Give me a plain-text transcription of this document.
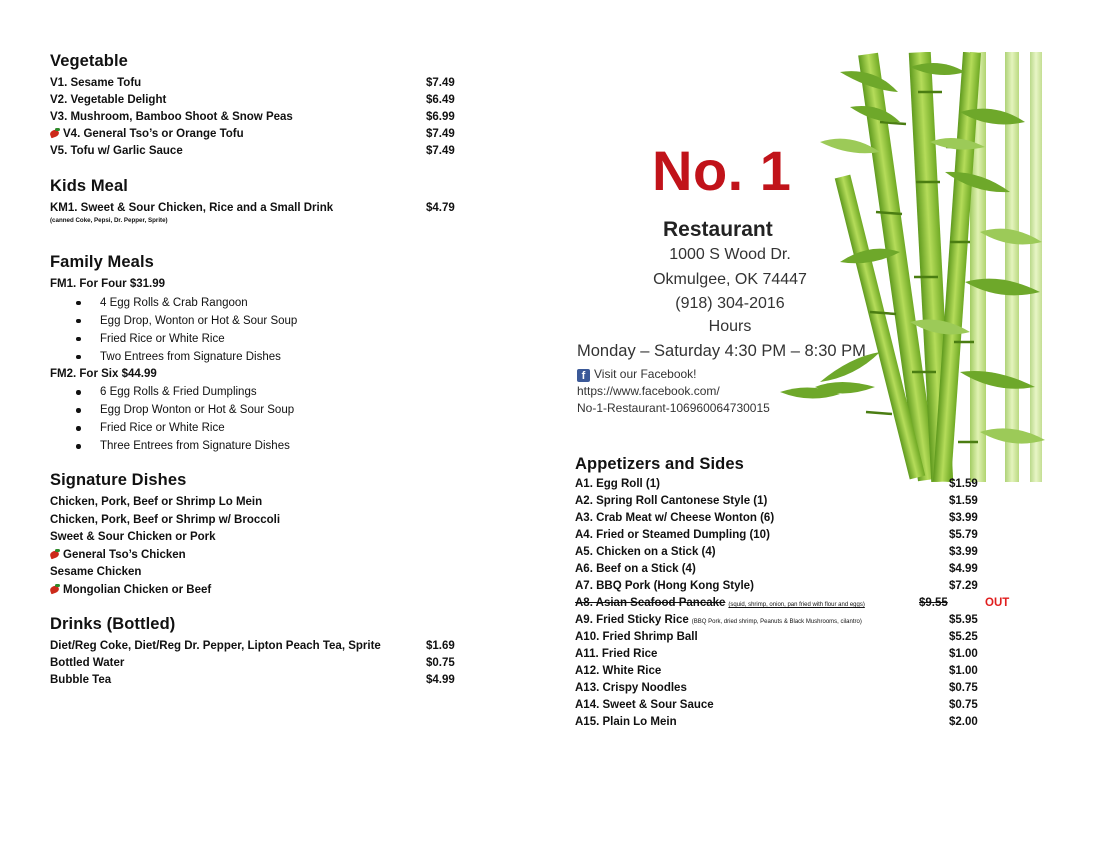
Vegetable
V1. Sesame Tofu	$7.49
V2. Vegetable Delight	$6.49
V3. Mushroom, Bamboo Shoot & Snow Peas	$6.99
V4. General Tso’s or Orange Tofu	$7.49
V5. Tofu w/ Garlic Sauce	$7.49
Kids Meal
KM1. Sweet & Sour Chicken, Rice and a Small Drink	$4.79
(canned Coke, Pepsi, Dr. Pepper, Sprite)
Family Meals
FM1. For Four $31.99
4 Egg Rolls & Crab Rangoon
Egg Drop, Wonton or Hot & Sour Soup
Fried Rice or White Rice
Two Entrees from Signature Dishes
FM2. For Six $44.99
6 Egg Rolls & Fried Dumplings
Egg Drop Wonton or Hot & Sour Soup
Fried Rice or White Rice
Three Entrees from Signature Dishes
Signature Dishes
Chicken, Pork, Beef or Shrimp Lo Mein
Chicken, Pork, Beef or Shrimp w/ Broccoli
Sweet & Sour Chicken or Pork
General Tso’s Chicken
Sesame Chicken
Mongolian Chicken or Beef
Drinks (Bottled)
Diet/Reg Coke, Diet/Reg Dr. Pepper, Lipton Peach Tea, Sprite	$1.69
Bottled Water	$0.75
Bubble Tea	$4.99
No. 1
Restaurant
1000 S Wood Dr.
Okmulgee, OK 74447
(918) 304-2016
Hours
Monday – Saturday 4:30 PM – 8:30 PM
f Visit our Facebook!
https://www.facebook.com/
No-1-Restaurant-106960064730015
Appetizers and Sides
A1. Egg Roll (1)	$1.59
A2. Spring Roll Cantonese Style (1)	$1.59
A3. Crab Meat w/ Cheese Wonton (6)	$3.99
A4. Fried or Steamed Dumpling (10)	$5.79
A5. Chicken on a Stick (4)	$3.99
A6. Beef on a Stick (4)	$4.99
A7. BBQ Pork (Hong Kong Style)	$7.29
A8. Asian Seafood Pancake (squid, shrimp, onion, pan fried with flour and eggs)	$9.55	OUT
A9. Fried Sticky Rice (BBQ Pork, dried shrimp, Peanuts & Black Mushrooms, cilantro)	$5.95
A10. Fried Shrimp Ball	$5.25
A11. Fried Rice	$1.00
A12. White Rice	$1.00
A13. Crispy Noodles	$0.75
A14. Sweet & Sour Sauce	$0.75
A15. Plain Lo Mein	$2.00
